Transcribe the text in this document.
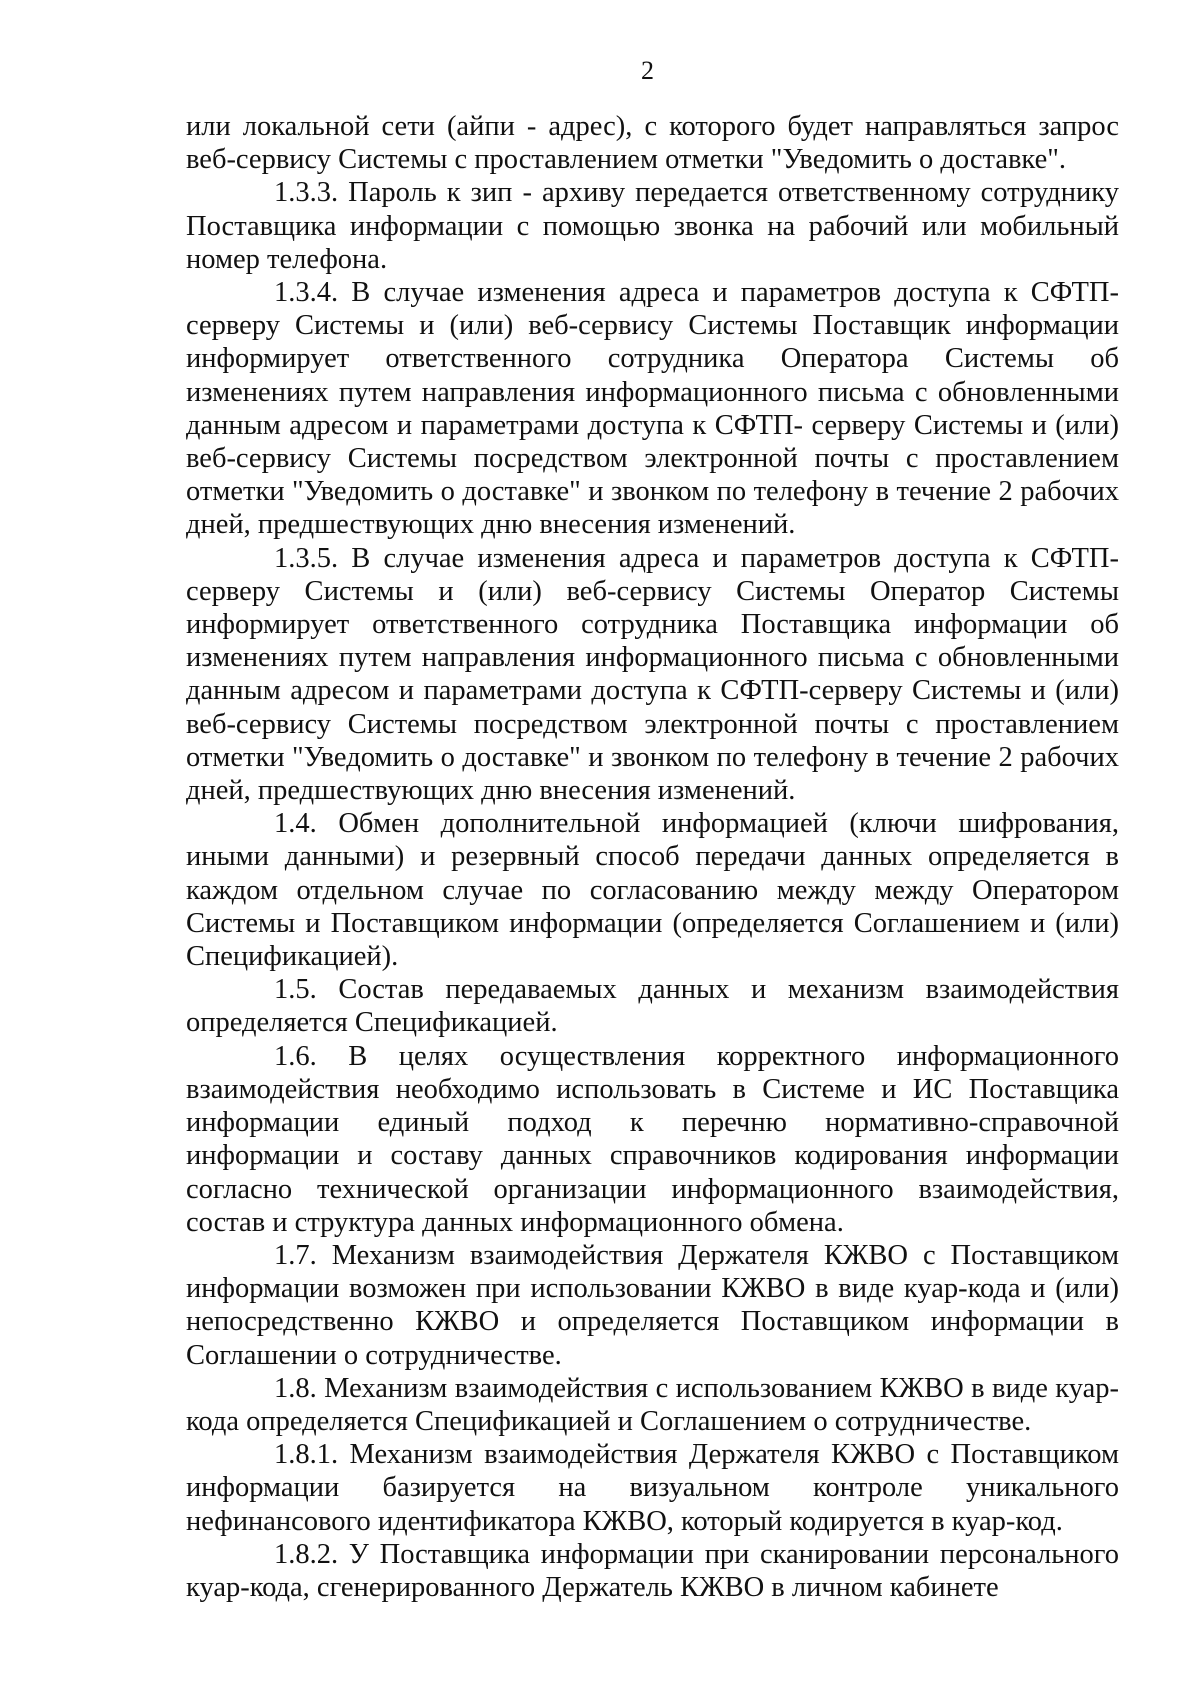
2

или локальной сети (айпи - адрес), с которого будет направляться запрос веб-сервису Системы с проставлением отметки "Уведомить о доставке".

1.3.3. Пароль к зип - архиву передается ответственному сотруднику Поставщика информации с помощью звонка на рабочий или мобильный номер телефона.

1.3.4. В случае изменения адреса и параметров доступа к СФТП- серверу Системы и (или) веб-сервису Системы Поставщик информации информирует ответственного сотрудника Оператора Системы об изменениях путем направления информационного письма с обновленными данным адресом и параметрами доступа к СФТП- серверу Системы и (или) веб-сервису Системы посредством электронной почты с проставлением отметки "Уведомить о доставке" и звонком по телефону в течение 2 рабочих дней, предшествующих дню внесения изменений.

1.3.5. В случае изменения адреса и параметров доступа к СФТП- серверу Системы и (или) веб-сервису Системы Оператор Системы информирует ответственного сотрудника Поставщика информации об изменениях путем направления информационного письма с обновленными данным адресом и параметрами доступа к СФТП-серверу Системы и (или) веб-сервису Системы посредством электронной почты с проставлением отметки "Уведомить о доставке" и звонком по телефону в течение 2 рабочих дней, предшествующих дню внесения изменений.

1.4. Обмен дополнительной информацией (ключи шифрования, иными данными) и резервный способ передачи данных определяется в каждом отдельном случае по согласованию между между Оператором Системы и Поставщиком информации (определяется Соглашением и (или) Спецификацией).

1.5. Состав передаваемых данных и механизм взаимодействия определяется Спецификацией.

1.6. В целях осуществления корректного информационного взаимодействия необходимо использовать в Системе и ИС Поставщика информации единый подход к перечню нормативно-справочной информации и составу данных справочников кодирования информации согласно технической организации информационного взаимодействия, состав и структура данных информационного обмена.

1.7. Механизм взаимодействия Держателя КЖВО с Поставщиком информации возможен при использовании КЖВО в виде куар-кода и (или) непосредственно КЖВО и определяется Поставщиком информации в Соглашении о сотрудничестве.

1.8. Механизм взаимодействия с использованием КЖВО в виде куар-кода определяется Спецификацией и Соглашением о сотрудничестве.

1.8.1. Механизм взаимодействия Держателя КЖВО с Поставщиком информации базируется на визуальном контроле уникального нефинансового идентификатора КЖВО, который кодируется в куар-код.

1.8.2. У Поставщика информации при сканировании персонального куар-кода, сгенерированного Держатель КЖВО в личном кабинете
